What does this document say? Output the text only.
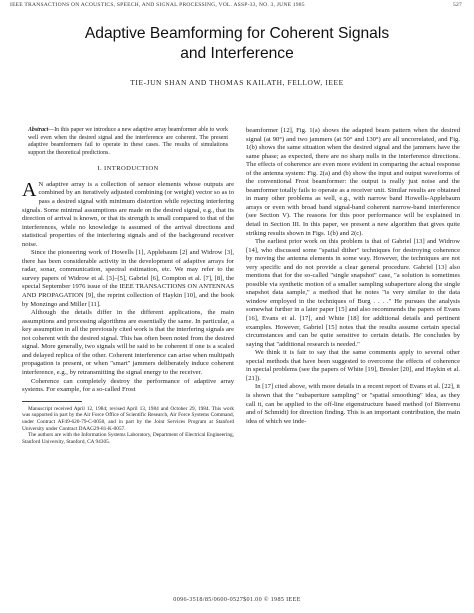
IEEE TRANSACTIONS ON ACOUSTICS, SPEECH, AND SIGNAL PROCESSING, VOL. ASSP-33, NO. 3, JUNE 1985	527
Adaptive Beamforming for Coherent Signals
and Interference
TIE-JUN SHAN AND THOMAS KAILATH, FELLOW, IEEE

Abstract—In this paper we introduce a new adaptive array beamformer able to work well even when the desired signal and the interference are coherent. The present adaptive beamformers fail to operate in these cases. The results of simulations support the theoretical predictions.

I. INTRODUCTION

A N adaptive array is a collection of sensor elements whose outputs are combined by an iteratively adjusted combining (or weight) vector so as to pass a desired signal with minimum distortion while rejecting interfering signals. Some minimal assumptions are made on the desired signal, e.g., that its direction of arrival is known, or that its strength is small compared to that of the interferences, while no knowledge is assumed of the arrival directions and statistical properties of the interfering signals and of the background receiver noise.

Since the pioneering work of Howells [1], Applebaum [2] and Widrow [3], there has been considerable activity in the development of adaptive arrays for radar, sonar, communication, spectral estimation, etc. We may refer to the survey papers of Widrow et al. [3]–[5], Gabriel [6], Compton et al. [7], [8], the special September 1976 issue of the IEEE TRANSACTIONS ON ANTENNAS AND PROPAGATION [9], the reprint collection of Haykin [10], and the book by Monzingo and Miller [11].

Although the details differ in the different applications, the main assumptions and processing algorithms are essentially the same. In particular, a key assumption in all the previously cited work is that the interfering signals are not coherent with the desired signal. This has often been noted from the desired signal. More generally, two signals will be said to be coherent if one is a scaled and delayed replica of the other. Coherent interference can arise when multipath propagation is present, or when "smart" jammers deliberately induce coherent interference, e.g., by retransmitting the signal energy to the receiver.

Coherence can completely destroy the performance of adaptive array systems. For example, for a so-called Frost

Manuscript received April 12, 1984; revised April 13, 1984 and October 29, 1984. This work was supported in part by the Air Force Office of Scientific Research, Air Force Systems Command, under Contract AF49-620-79-C-0058, and in part by the Joint Services Program at Stanford University under Contract DAAG29-81-K-0057.

The authors are with the Information Systems Laboratory, Department of Electrical Engineering, Stanford University, Stanford, CA 94305.

beamformer [12], Fig. 1(a) shows the adapted beam pattern when the desired signal (at 90°) and two jammers (at 50° and 130°) are all uncorrelated, and Fig. 1(b) shows the same situation when the desired signal and the jammers have the same phase; as expected, there are no sharp nulls in the interference directions. The effects of coherence are even more evident in comparing the actual response of the antenna system: Fig. 2(a) and (b) show the input and output waveforms of the conventional Frost beamformer: the output is really just noise and the beamformer totally fails to operate as a receiver unit. Similar results are obtained in many other problems as well, e.g., with narrow band Howells-Applebaum arrays or even with broad band signal-band coherent narrow-band interference (see Section V). The reasons for this poor performance will be explained in detail in Section III. In this paper, we present a new algorithm that gives quite striking results shown in Figs. 1(b) and 2(c).

The earliest prior work on this problem is that of Gabriel [13] and Widrow [14], who discussed some "spatial dither" techniques for destroying coherence by moving the antenna elements in some way. However, the techniques are not very specific and do not provide a clear general procedure. Gabriel [13] also mentions that for the so-called "single snapshot" case, "a solution is sometimes possible via synthetic motion of a smaller sampling subaperture along the single snapshot data sample," a method that he notes "is very similar to the data window employed in the techniques of Burg . . . ." He pursues the analysis somewhat further in a later paper [15] and also recommends the papers of Evans [16], Evans et al. [17], and White [18] for additional details and pertinent examples. However, Gabriel [15] notes that the results assume certain special circumstances and can be quite sensitive to certain details. He concludes by saying that "additional research is needed."

We think it is fair to say that the same comments apply to several other special methods that have been suggested to overcome the effects of coherence in special problems (see the papers of White [19], Bresler [20], and Haykin et al. [21]).

In [17] cited above, with more details in a recent report of Evans et al. [22], it is shown that the "subaperture sampling" or "spatial smoothing" idea, as they call it, can be applied to the off-line eigenstructure based method (of Bienvenu and of Schmidt) for direction finding. This is an important contribution, the main idea of which we inde-

0096-3518/85/0600-0527$01.00 © 1985 IEEE
